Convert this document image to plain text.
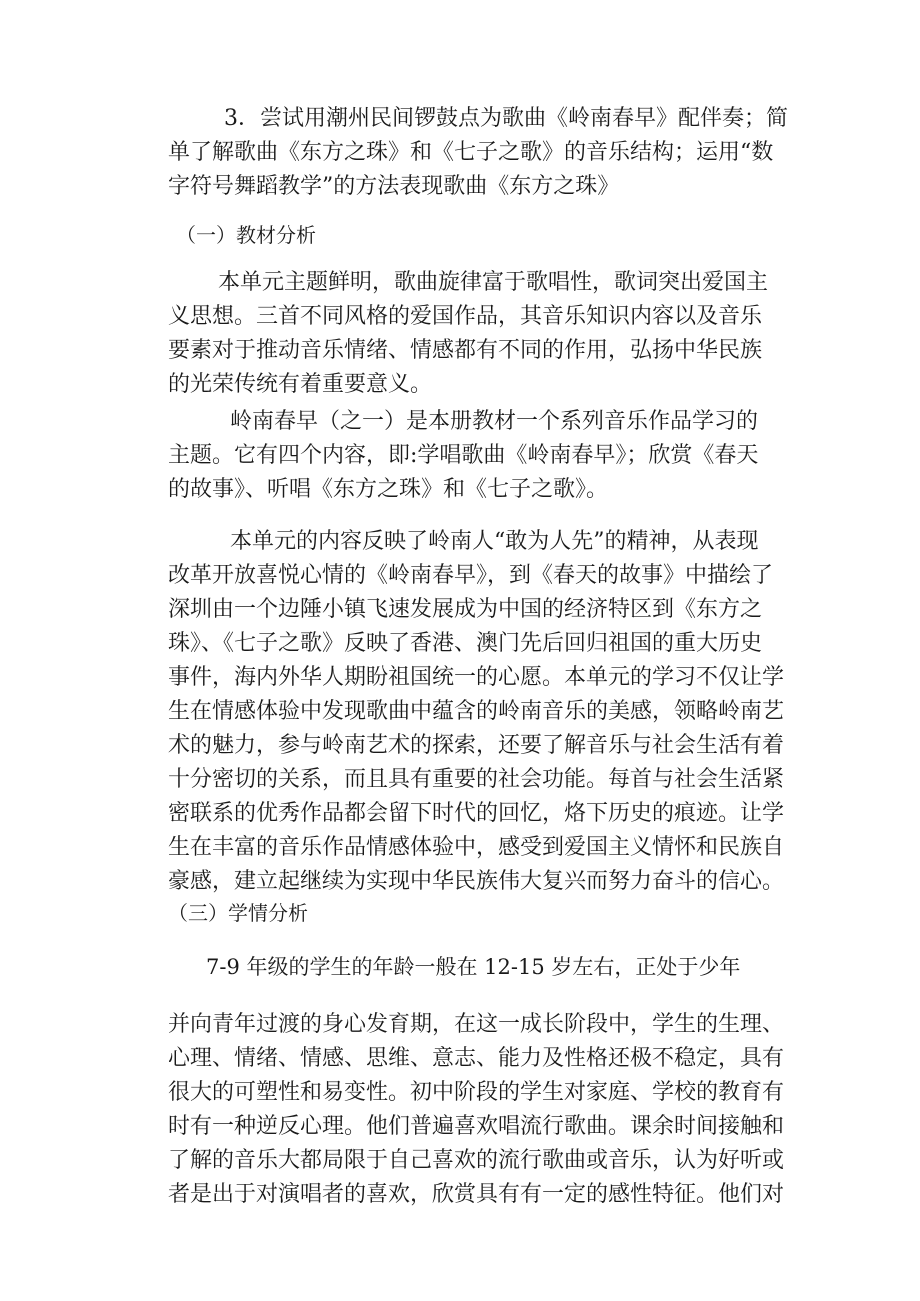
3．尝试用潮州民间锣鼓点为歌曲《岭南春早》配伴奏；简
单了解歌曲《东方之珠》和《七子之歌》的音乐结构；运用“数
字符号舞蹈教学”的方法表现歌曲《东方之珠》
（一）教材分析
本单元主题鲜明，歌曲旋律富于歌唱性，歌词突出爱国主
义思想。三首不同风格的爱国作品，其音乐知识内容以及音乐
要素对于推动音乐情绪、情感都有不同的作用，弘扬中华民族
的光荣传统有着重要意义。
岭南春早（之一）是本册教材一个系列音乐作品学习的
主题。它有四个内容，即:学唱歌曲《岭南春早》；欣赏《春天
的故事》、听唱《东方之珠》和《七子之歌》。
本单元的内容反映了岭南人“敢为人先”的精神，从表现
改革开放喜悦心情的《岭南春早》，到《春天的故事》中描绘了
深圳由一个边陲小镇飞速发展成为中国的经济特区到《东方之
珠》、《七子之歌》反映了香港、澳门先后回归祖国的重大历史
事件，海内外华人期盼祖国统一的心愿。本单元的学习不仅让学
生在情感体验中发现歌曲中蕴含的岭南音乐的美感，领略岭南艺
术的魅力，参与岭南艺术的探索，还要了解音乐与社会生活有着
十分密切的关系，而且具有重要的社会功能。每首与社会生活紧
密联系的优秀作品都会留下时代的回忆，烙下历史的痕迹。让学
生在丰富的音乐作品情感体验中，感受到爱国主义情怀和民族自
豪感，建立起继续为实现中华民族伟大复兴而努力奋斗的信心。
（三）学情分析
7-9 年级的学生的年龄一般在 12-15 岁左右，正处于少年
并向青年过渡的身心发育期，在这一成长阶段中，学生的生理、
心理、情绪、情感、思维、意志、能力及性格还极不稳定，具有
很大的可塑性和易变性。初中阶段的学生对家庭、学校的教育有
时有一种逆反心理。他们普遍喜欢唱流行歌曲。课余时间接触和
了解的音乐大都局限于自己喜欢的流行歌曲或音乐，认为好听或
者是出于对演唱者的喜欢，欣赏具有有一定的感性特征。他们对
